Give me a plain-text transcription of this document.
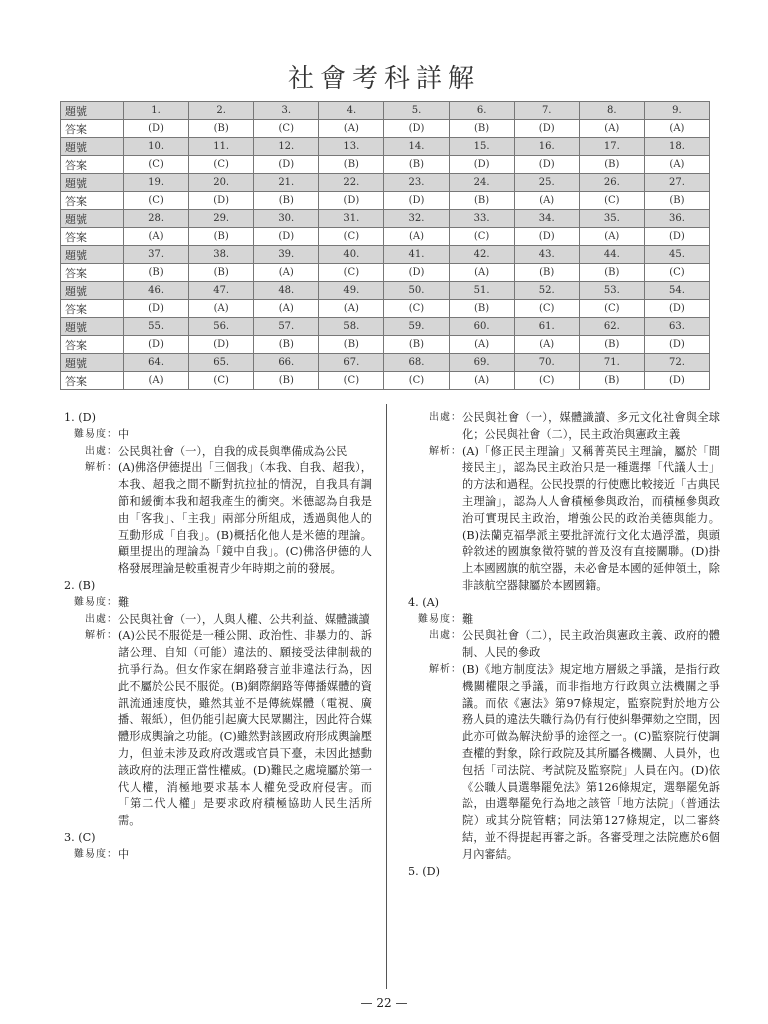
社會考科詳解
題號	1.	2.	3.	4.	5.	6.	7.	8.	9.
答案	(D)	(B)	(C)	(A)	(D)	(B)	(D)	(A)	(A)
題號	10.	11.	12.	13.	14.	15.	16.	17.	18.
答案	(C)	(C)	(D)	(B)	(B)	(D)	(D)	(B)	(A)
題號	19.	20.	21.	22.	23.	24.	25.	26.	27.
答案	(C)	(D)	(B)	(D)	(D)	(B)	(A)	(C)	(B)
題號	28.	29.	30.	31.	32.	33.	34.	35.	36.
答案	(A)	(B)	(D)	(C)	(A)	(C)	(D)	(A)	(D)
題號	37.	38.	39.	40.	41.	42.	43.	44.	45.
答案	(B)	(B)	(A)	(C)	(D)	(A)	(B)	(B)	(C)
題號	46.	47.	48.	49.	50.	51.	52.	53.	54.
答案	(D)	(A)	(A)	(A)	(C)	(B)	(C)	(C)	(D)
題號	55.	56.	57.	58.	59.	60.	61.	62.	63.
答案	(D)	(D)	(B)	(B)	(B)	(A)	(A)	(B)	(D)
題號	64.	65.	66.	67.	68.	69.	70.	71.	72.
答案	(A)	(C)	(B)	(C)	(C)	(A)	(C)	(B)	(D)
1. (D)
難易度： 中
出處： 公民與社會（一），自我的成長與準備成為公民
解析： (A)佛洛伊德提出「三個我」（本我、自我、超我），本我、超我之間不斷對抗拉扯的情況，自我具有調節和緩衝本我和超我產生的衝突。米德認為自我是由「客我」、「主我」兩部分所組成，透過與他人的互動形成「自我」。(B)概括化他人是米德的理論。顧里提出的理論為「鏡中自我」。(C)佛洛伊德的人格發展理論是較重視青少年時期之前的發展。
2. (B)
難易度： 難
出處： 公民與社會（一），人與人權、公共利益、媒體識讀
解析： (A)公民不服從是一種公開、政治性、非暴力的、訴諸公理、自知（可能）違法的、願接受法律制裁的抗爭行為。但女作家在網路發言並非違法行為，因此不屬於公民不服從。(B)網際網路等傳播媒體的資訊流通速度快，雖然其並不是傳統媒體（電視、廣播、報紙），但仍能引起廣大民眾關注，因此符合媒體形成輿論之功能。(C)雖然對該國政府形成輿論壓力，但並未涉及政府改選或官員下臺，未因此撼動該政府的法理正當性權威。(D)難民之處境屬於第一代人權，消極地要求基本人權免受政府侵害。而「第二代人權」是要求政府積極協助人民生活所需。
3. (C)
難易度： 中
出處： 公民與社會（一），媒體識讀、多元文化社會與全球化；公民與社會（二），民主政治與憲政主義
解析： (A)「修正民主理論」又稱菁英民主理論，屬於「間接民主」，認為民主政治只是一種選擇「代議人士」的方法和過程。公民投票的行使應比較接近「古典民主理論」，認為人人會積極參與政治，而積極參與政治可實現民主政治，增強公民的政治美德與能力。(B)法蘭克福學派主要批評流行文化太過浮濫，與頭幹敘述的國旗象徵符號的普及沒有直接關聯。(D)掛上本國國旗的航空器，未必會是本國的延伸領土，除非該航空器隸屬於本國國籍。
4. (A)
難易度： 難
出處： 公民與社會（二），民主政治與憲政主義、政府的體制、人民的參政
解析： (B)《地方制度法》規定地方層級之爭議，是指行政機關權限之爭議，而非指地方行政與立法機關之爭議。而依《憲法》第97條規定，監察院對於地方公務人員的違法失職行為仍有行使糾舉彈劾之空間，因此亦可做為解決紛爭的途徑之一。(C)監察院行使調查權的對象，除行政院及其所屬各機關、人員外，也包括「司法院、考試院及監察院」人員在內。(D)依《公職人員選舉罷免法》第126條規定，選舉罷免訴訟，由選舉罷免行為地之該管「地方法院」（普通法院）或其分院管轄；同法第127條規定，以二審終結，並不得提起再審之訴。各審受理之法院應於6個月內審結。
5. (D)
— 22 —
